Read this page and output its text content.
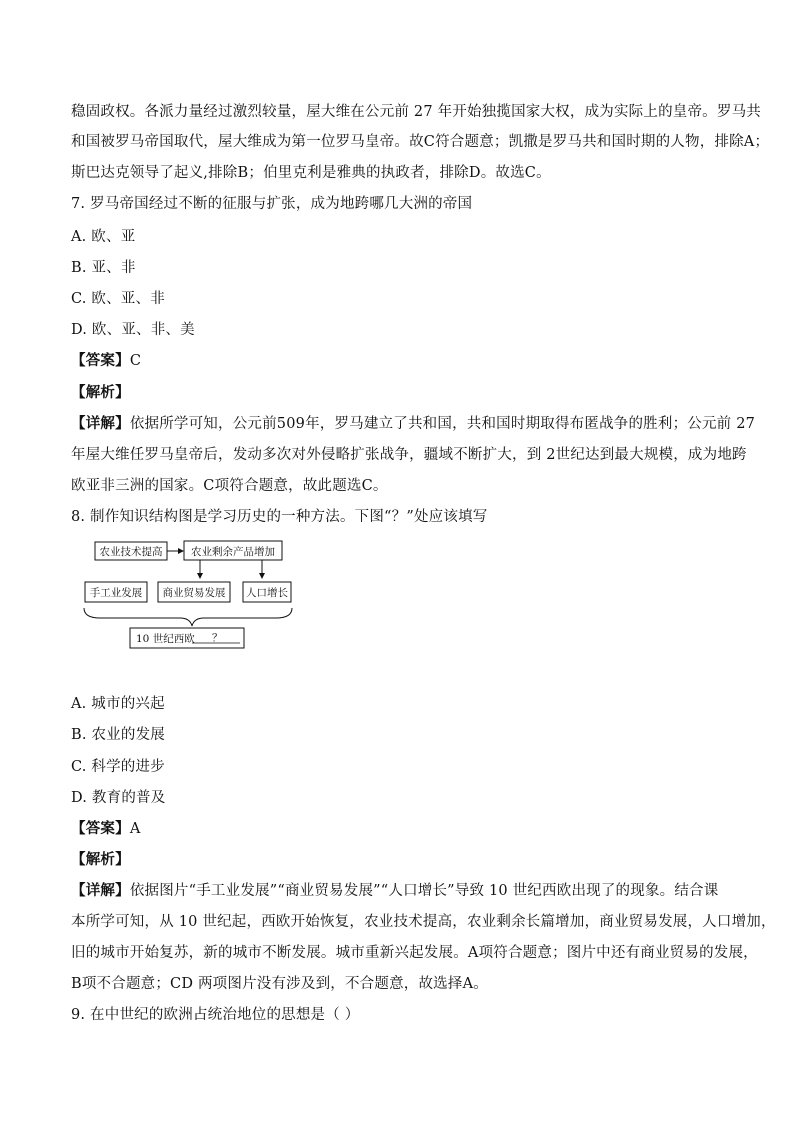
稳固政权。各派力量经过激烈较量，屋大维在公元前 27 年开始独揽国家大权，成为实际上的皇帝。罗马共
和国被罗马帝国取代，屋大维成为第一位罗马皇帝。故C符合题意；凯撒是罗马共和国时期的人物，排除A；
斯巴达克领导了起义,排除B；伯里克利是雅典的执政者，排除D。故选C。
7. 罗马帝国经过不断的征服与扩张，成为地跨哪几大洲的帝国
A. 欧、亚
B. 亚、非
C. 欧、亚、非
D. 欧、亚、非、美
【答案】C
【解析】
【详解】依据所学可知，公元前509年，罗马建立了共和国，共和国时期取得布匿战争的胜利；公元前 27
年屋大维任罗马皇帝后，发动多次对外侵略扩张战争，疆域不断扩大，到 2世纪达到最大规模，成为地跨
欧亚非三洲的国家。C项符合题意，故此题选C。
8. 制作知识结构图是学习历史的一种方法。下图“？”处应该填写
农业技术提高	农业剩余产品增加
手工业发展 商业贸易发展 人口增长
10 世纪西欧 ？
A. 城市的兴起
B. 农业的发展
C. 科学的进步
D. 教育的普及
【答案】A
【解析】
【详解】依据图片“手工业发展”“商业贸易发展”“人口增长”导致 10 世纪西欧出现了的现象。结合课
本所学可知，从 10 世纪起，西欧开始恢复，农业技术提高，农业剩余长篇增加，商业贸易发展，人口增加，
旧的城市开始复苏，新的城市不断发展。城市重新兴起发展。A项符合题意；图片中还有商业贸易的发展，
B项不合题意；CD 两项图片没有涉及到，不合题意，故选择A。
9. 在中世纪的欧洲占统治地位的思想是（ ）
